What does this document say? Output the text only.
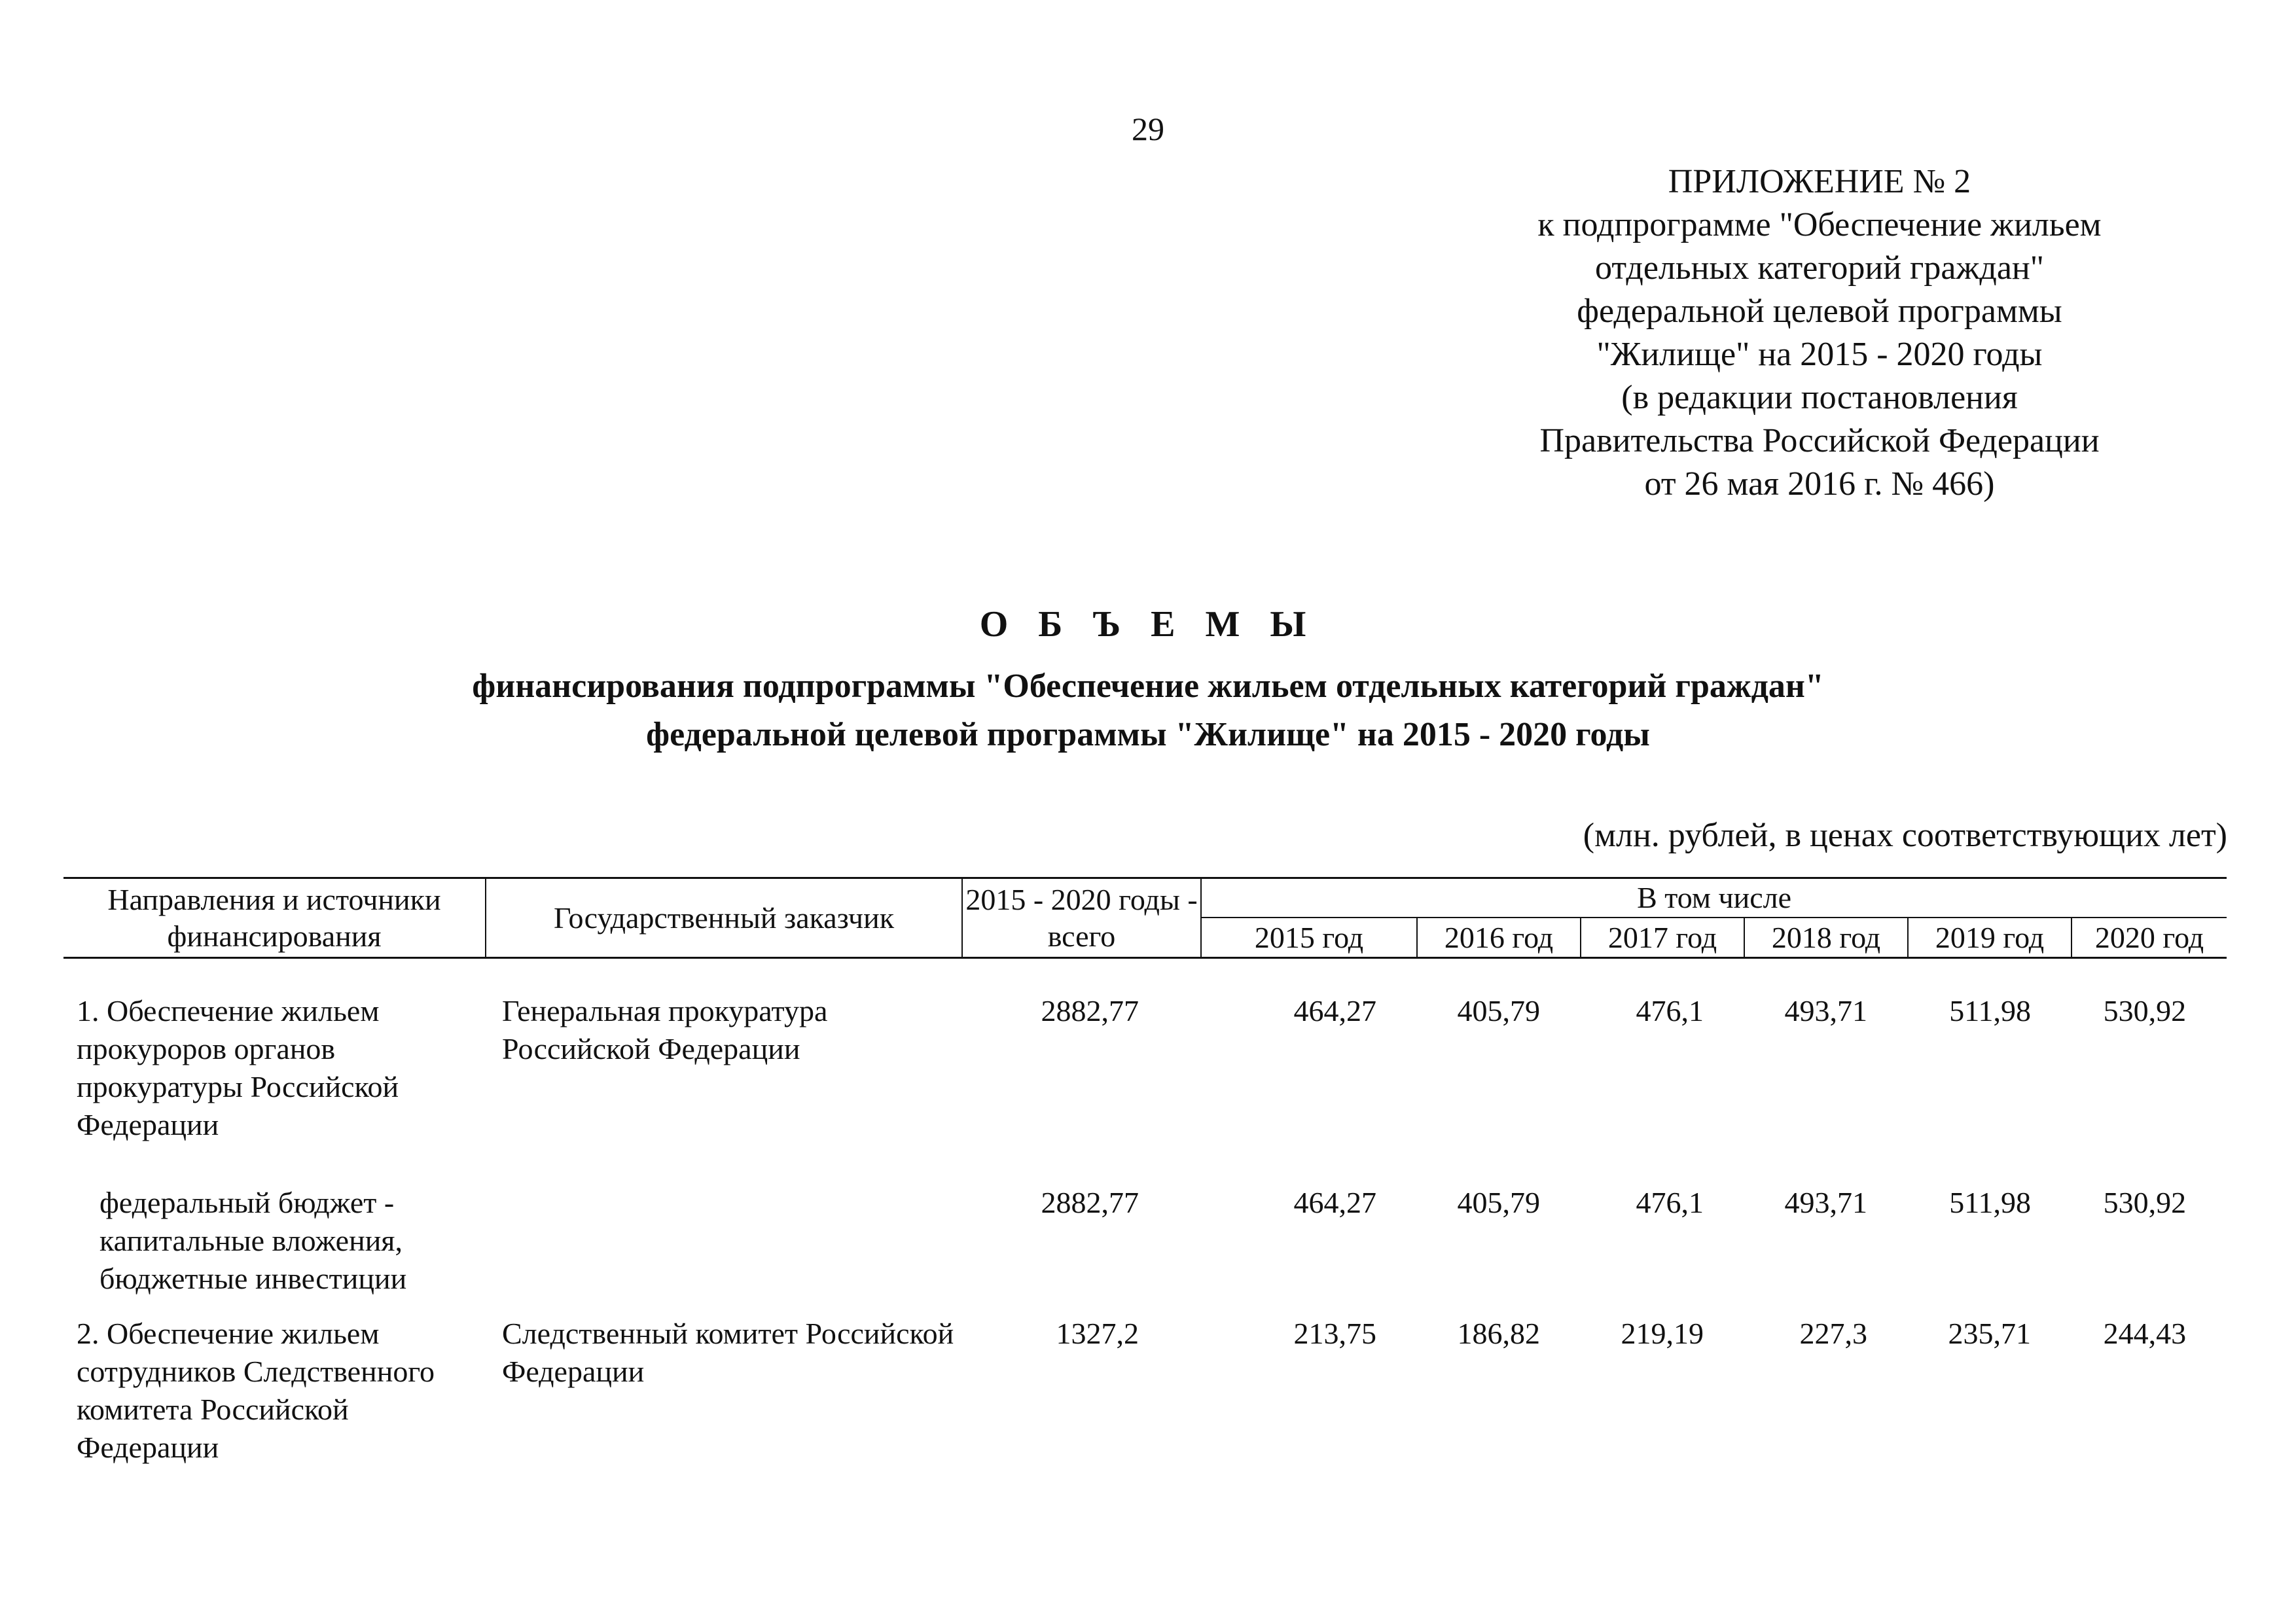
29
ПРИЛОЖЕНИЕ № 2
к подпрограмме "Обеспечение жильем
отдельных категорий граждан"
федеральной целевой программы
"Жилище" на 2015 - 2020 годы
(в редакции постановления
Правительства Российской Федерации
от 26 мая 2016 г. № 466)
О Б Ъ Е М Ы
финансирования подпрограммы "Обеспечение жильем отдельных категорий граждан"
федеральной целевой программы "Жилище" на 2015 - 2020 годы
(млн. рублей, в ценах соответствующих лет)
Направления и источники финансирования	Государственный заказчик	2015 - 2020 годы - всего	В том числе					
			2015 год	2016 год	2017 год	2018 год	2019 год	2020 год

1. Обеспечение жильем прокуроров органов прокуратуры Российской Федерации	Генеральная прокуратура Российской Федерации	2882,77	464,27	405,79	476,1	493,71	511,98	530,92
федеральный бюджет - капитальные вложения, бюджетные инвестиции		2882,77	464,27	405,79	476,1	493,71	511,98	530,92
2. Обеспечение жильем сотрудников Следственного комитета Российской Федерации	Следственный комитет Российской Федерации	1327,2	213,75	186,82	219,19	227,3	235,71	244,43
